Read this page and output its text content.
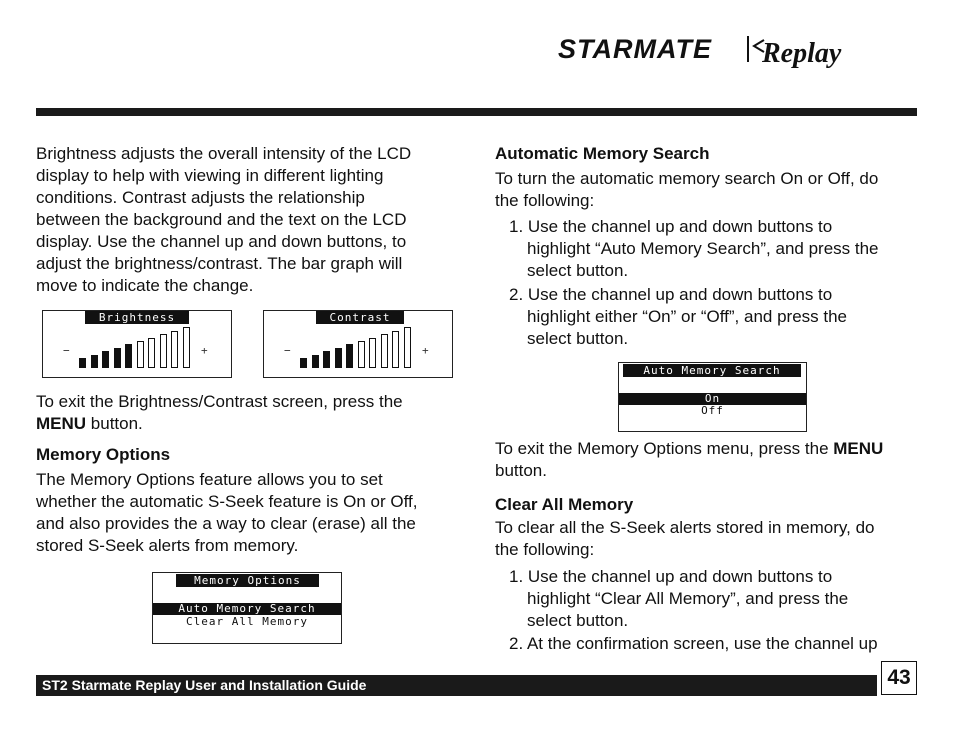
STARMATE Replay

Brightness adjusts the overall intensity of the LCD

display to help with viewing in different lighting

conditions. Contrast adjusts the relationship

between the background and the text on the LCD

display. Use the channel up and down buttons, to

adjust the brightness/contrast. The bar graph will

move to indicate the change.

Brightness
−	+
Contrast
−	+

To exit the Brightness/Contrast screen, press the

MENU button.

Memory Options

The Memory Options feature allows you to set

whether the automatic S-Seek feature is On or Off,

and also provides the a way to clear (erase) all the

stored S-Seek alerts from memory.

Memory Options
Auto Memory Search
Clear All Memory

Automatic Memory Search

To turn the automatic memory search On or Off, do

the following:

1. Use the channel up and down buttons to

highlight “Auto Memory Search”, and press the

select button.

2. Use the channel up and down buttons to

highlight either “On” or “Off”, and press the

select button.

Auto Memory Search
On
Off

To exit the Memory Options menu, press the MENU

button.

Clear All Memory

To clear all the S-Seek alerts stored in memory, do

the following:

1. Use the channel up and down buttons to

highlight “Clear All Memory”, and press the

select button.

2. At the confirmation screen, use the channel up

ST2 Starmate Replay User and Installation Guide	43
